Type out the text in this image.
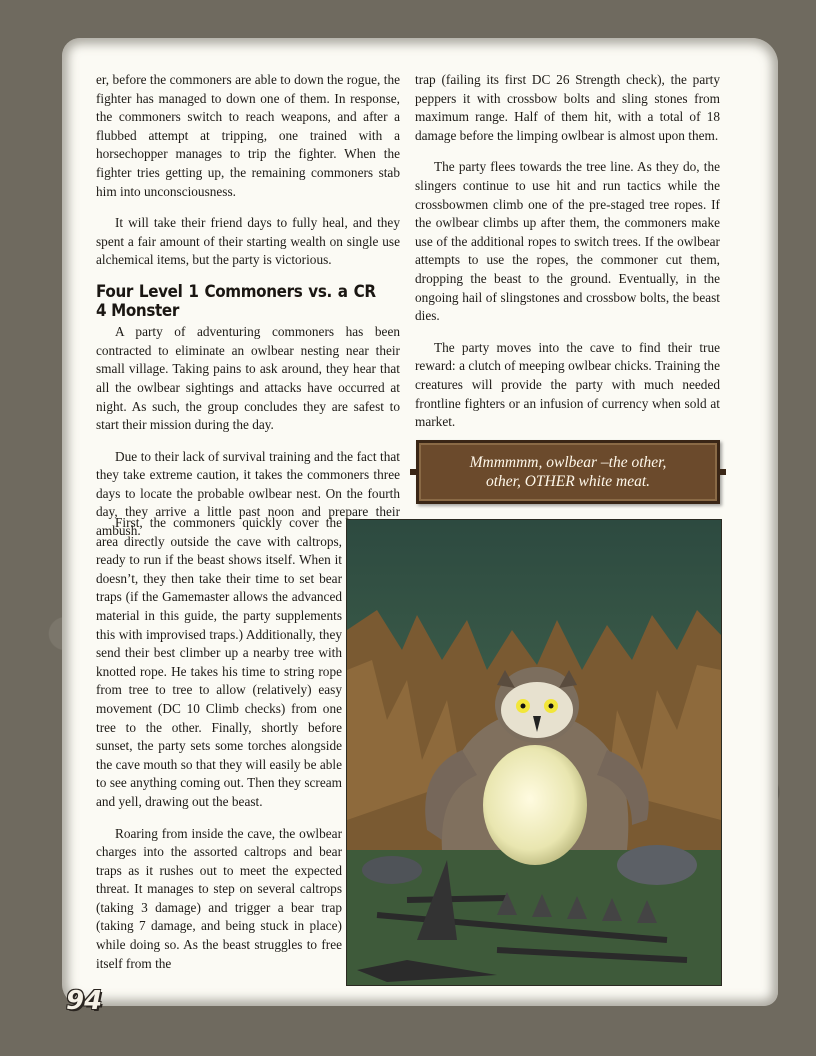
er, before the commoners are able to down the rogue, the fighter has managed to down one of them. In response, the commoners switch to reach weapons, and after a flubbed attempt at tripping, one trained with a horsechopper manages to trip the fighter. When the fighter tries getting up, the remaining commoners stab him into unconsciousness.

It will take their friend days to fully heal, and they spent a fair amount of their starting wealth on single use alchemical items, but the party is victorious.

Four Level 1 Commoners vs. a CR 4 Monster

A party of adventuring commoners has been contracted to eliminate an owlbear nesting near their small village. Taking pains to ask around, they hear that all the owlbear sightings and attacks have occurred at night. As such, the group concludes they are safest to start their mission during the day.

Due to their lack of survival training and the fact that they take extreme caution, it takes the commoners three days to locate the probable owlbear nest. On the fourth day, they arrive a little past noon and prepare their ambush.

First, the commoners quickly cover the area directly outside the cave with caltrops, ready to run if the beast shows itself. When it doesn’t, they then take their time to set bear traps (if the Gamemaster allows the advanced material in this guide, the party supplements this with improvised traps.) Additionally, they send their best climber up a nearby tree with knotted rope. He takes his time to string rope from tree to tree to allow (relatively) easy movement (DC 10 Climb checks) from one tree to the other. Finally, shortly before sunset, the party sets some torches alongside the cave mouth so that they will easily be able to see anything coming out. Then they scream and yell, drawing out the beast.

Roaring from inside the cave, the owlbear charges into the assorted caltrops and bear traps as it rushes out to meet the expected threat. It manages to step on several caltrops (taking 3 damage) and trigger a bear trap (taking 7 damage, and being stuck in place) while doing so. As the beast struggles to free itself from the

trap (failing its first DC 26 Strength check), the party peppers it with crossbow bolts and sling stones from maximum range. Half of them hit, with a total of 18 damage before the limping owlbear is almost upon them.

The party flees towards the tree line. As they do, the slingers continue to use hit and run tactics while the crossbowmen climb one of the pre-staged tree ropes. If the owlbear climbs up after them, the commoners make use of the additional ropes to switch trees. If the owlbear attempts to use the ropes, the commoner cut them, dropping the beast to the ground. Eventually, in the ongoing hail of slingstones and crossbow bolts, the beast dies.

The party moves into the cave to find their true reward: a clutch of meeping owlbear chicks. Training the creatures will provide the party with much needed frontline fighters or an infusion of currency when sold at market.

Mmmmmm, owlbear –the other, other, OTHER white meat.
94
